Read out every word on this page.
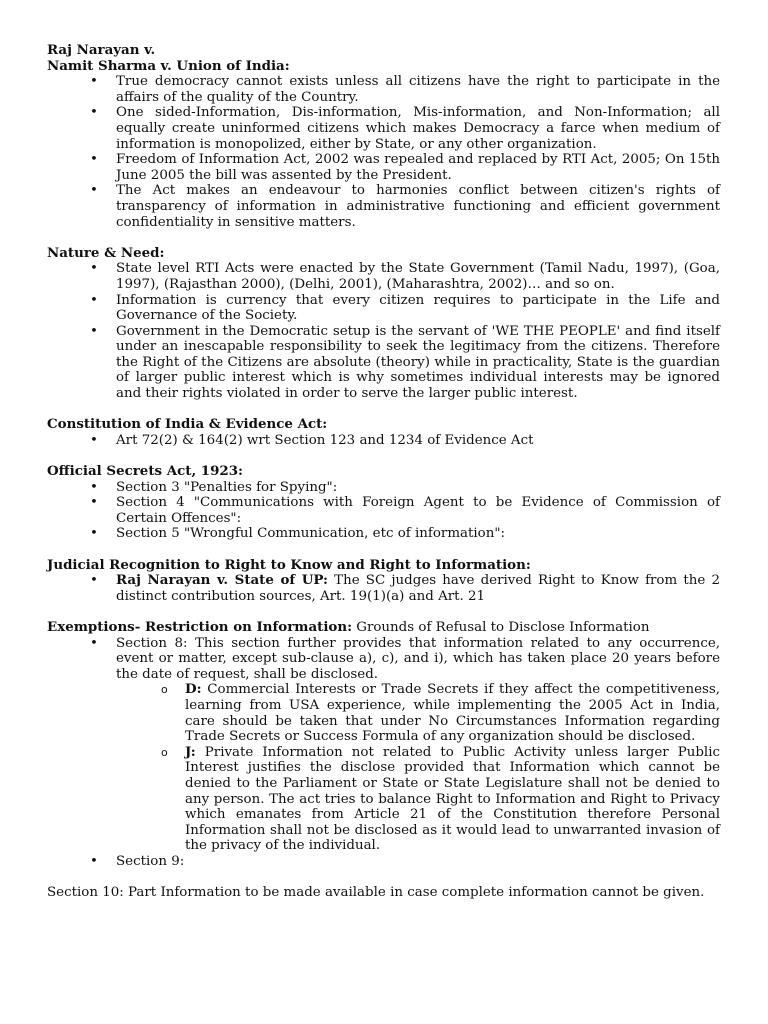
Raj Narayan v.

Namit Sharma v. Union of India:

• True democracy cannot exists unless all citizens have the right to participate in the affairs of the quality of the Country.
• One sided-Information, Dis-information, Mis-information, and Non-Information; all equally create uninformed citizens which makes Democracy a farce when medium of information is monopolized, either by State, or any other organization.
• Freedom of Information Act, 2002 was repealed and replaced by RTI Act, 2005; On 15th June 2005 the bill was assented by the President.
• The Act makes an endeavour to harmonies conflict between citizen's rights of transparency of information in administrative functioning and efficient government confidentiality in sensitive matters.

Nature & Need:

• State level RTI Acts were enacted by the State Government (Tamil Nadu, 1997), (Goa, 1997), (Rajasthan 2000), (Delhi, 2001), (Maharashtra, 2002)… and so on.
• Information is currency that every citizen requires to participate in the Life and Governance of the Society.
• Government in the Democratic setup is the servant of 'WE THE PEOPLE' and find itself under an inescapable responsibility to seek the legitimacy from the citizens. Therefore the Right of the Citizens are absolute (theory) while in practicality, State is the guardian of larger public interest which is why sometimes individual interests may be ignored and their rights violated in order to serve the larger public interest.

Constitution of India & Evidence Act:

• Art 72(2) & 164(2) wrt Section 123 and 1234 of Evidence Act

Official Secrets Act, 1923:

• Section 3 "Penalties for Spying":
• Section 4 "Communications with Foreign Agent to be Evidence of Commission of Certain Offences":
• Section 5 "Wrongful Communication, etc of information":

Judicial Recognition to Right to Know and Right to Information:

• Raj Narayan v. State of UP: The SC judges have derived Right to Know from the 2 distinct contribution sources, Art. 19(1)(a) and Art. 21

Exemptions- Restriction on Information: Grounds of Refusal to Disclose Information

• Section 8: This section further provides that information related to any occurrence, event or matter, except sub-clause a), c), and i), which has taken place 20 years before the date of request, shall be disclosed.
o D: Commercial Interests or Trade Secrets if they affect the competitiveness, learning from USA experience, while implementing the 2005 Act in India, care should be taken that under No Circumstances Information regarding Trade Secrets or Success Formula of any organization should be disclosed.
o J: Private Information not related to Public Activity unless larger Public Interest justifies the disclose provided that Information which cannot be denied to the Parliament or State or State Legislature shall not be denied to any person. The act tries to balance Right to Information and Right to Privacy which emanates from Article 21 of the Constitution therefore Personal Information shall not be disclosed as it would lead to unwarranted invasion of the privacy of the individual.
• Section 9:

Section 10: Part Information to be made available in case complete information cannot be given.
